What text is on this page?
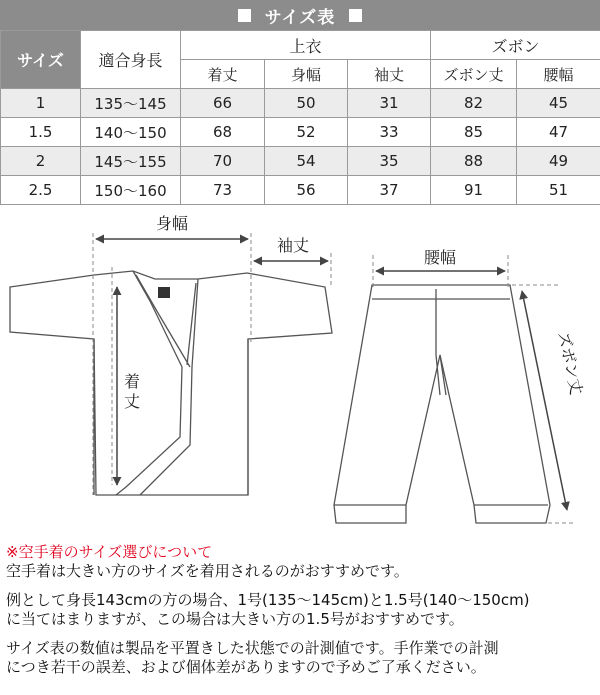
サイズ表
サイズ	適合身長	上衣			ズボン	
		着丈	身幅	袖丈	ズボン丈	腰幅
1	135〜145	66	50	31	82	45
1.5	140〜150	68	52	33	85	47
2	145〜155	70	54	35	88	49
2.5	150〜160	73	56	37	91	51
身幅
袖丈
着
丈
腰幅
ズボン丈

※空手着のサイズ選びについて

空手着は大きい方のサイズを着用されるのがおすすめです。

例として身長143cmの方の場合、1号(135〜145cm)と1.5号(140〜150cm)

に当てはまりますが、この場合は大きい方の1.5号がおすすめです。

サイズ表の数値は製品を平置きした状態での計測値です。手作業での計測

につき若干の誤差、および個体差がありますので予めご了承ください。
